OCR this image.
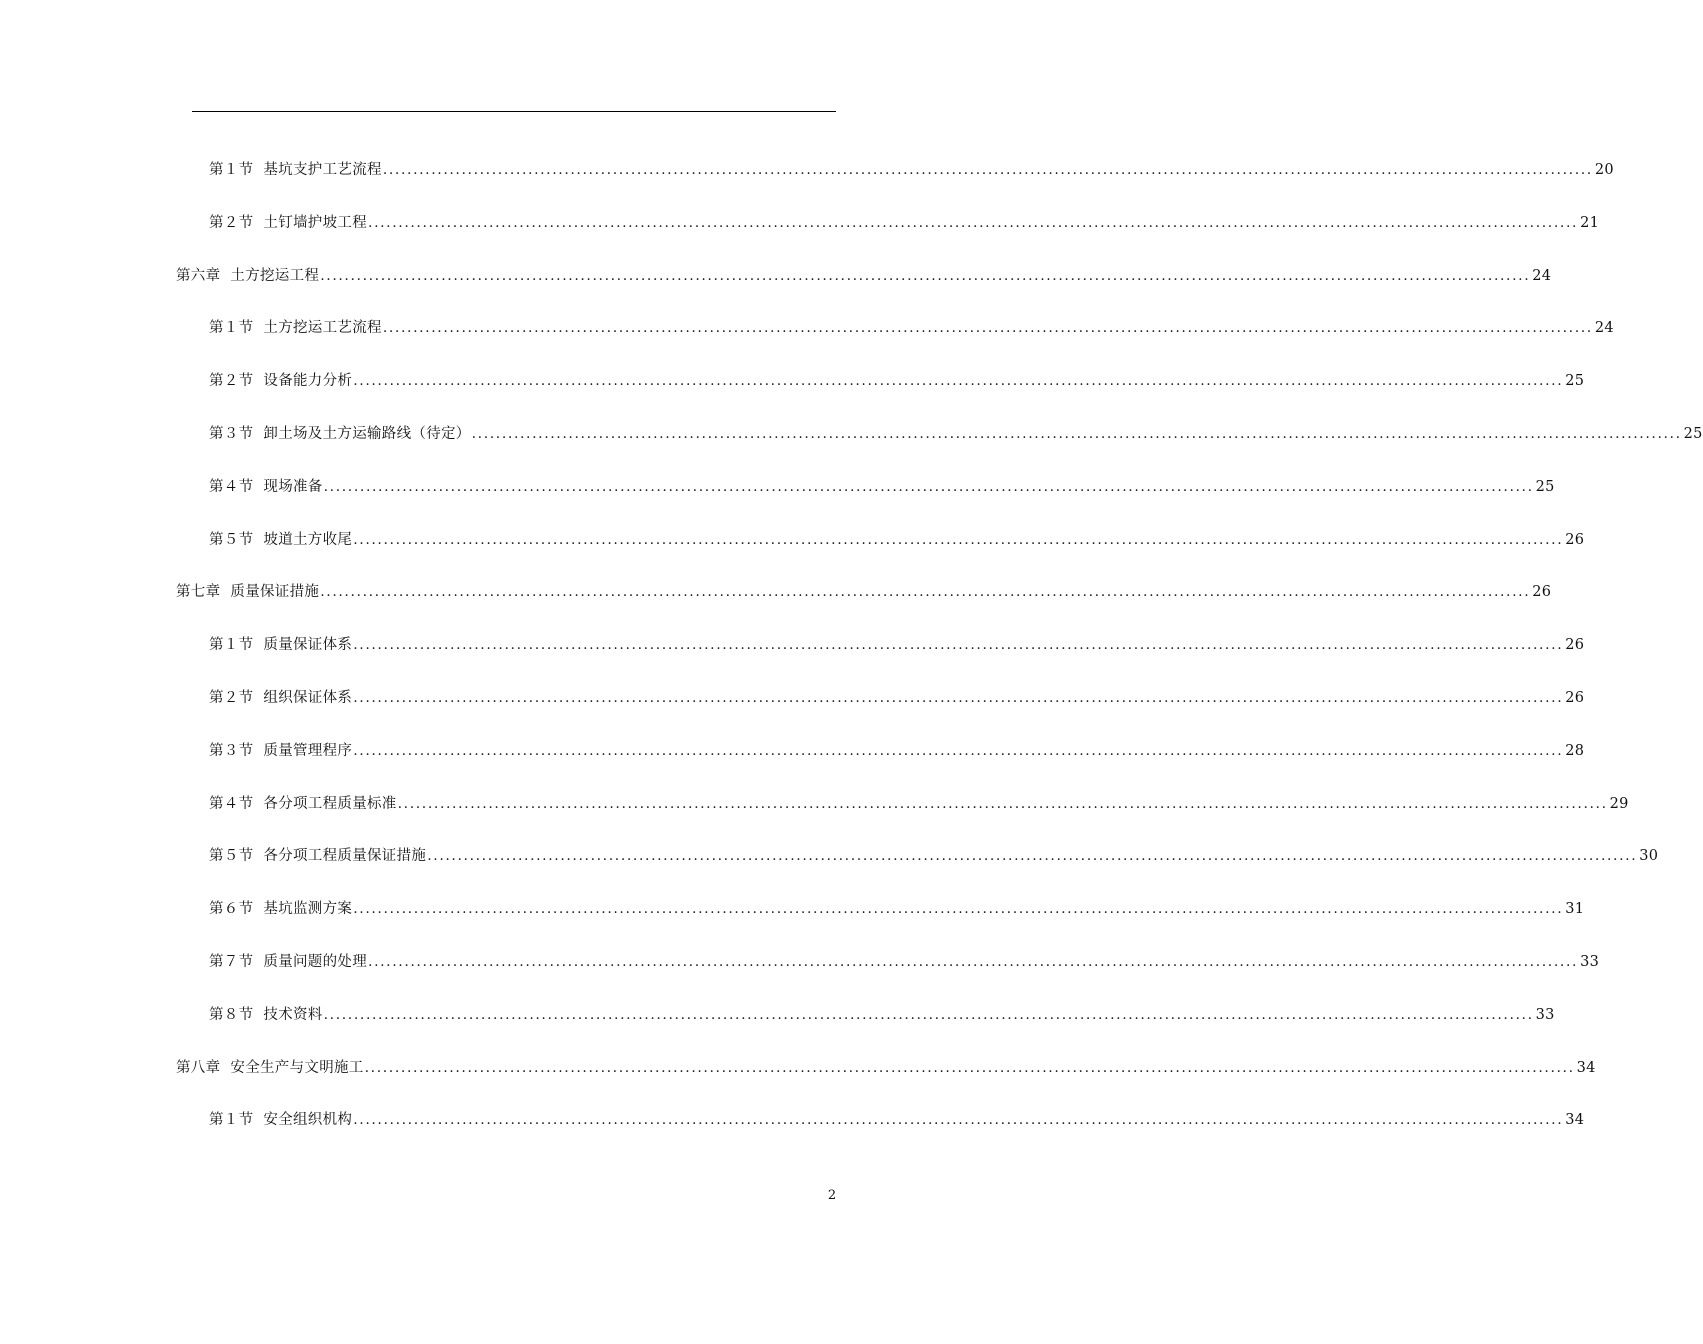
第１节 基坑支护工艺流程 ........................................................................................................................................................................................................ 20
第２节 土钉墙护坡工程 ........................................................................................................................................................................................................ 21
第六章 土方挖运工程 ........................................................................................................................................................................................................ 24
第１节 土方挖运工艺流程 ........................................................................................................................................................................................................ 24
第２节 设备能力分析 ........................................................................................................................................................................................................ 25
第３节 卸土场及土方运输路线（待定） ........................................................................................................................................................................................................ 25
第４节 现场准备 ........................................................................................................................................................................................................ 25
第５节 坡道土方收尾 ........................................................................................................................................................................................................ 26
第七章 质量保证措施 ........................................................................................................................................................................................................ 26
第１节 质量保证体系 ........................................................................................................................................................................................................ 26
第２节 组织保证体系 ........................................................................................................................................................................................................ 26
第３节 质量管理程序 ........................................................................................................................................................................................................ 28
第４节 各分项工程质量标准 ........................................................................................................................................................................................................ 29
第５节 各分项工程质量保证措施 ........................................................................................................................................................................................................ 30
第６节 基坑监测方案 ........................................................................................................................................................................................................ 31
第７节 质量问题的处理 ........................................................................................................................................................................................................ 33
第８节 技术资料 ........................................................................................................................................................................................................ 33
第八章 安全生产与文明施工 ........................................................................................................................................................................................................ 34
第１节 安全组织机构 ........................................................................................................................................................................................................ 34
2
